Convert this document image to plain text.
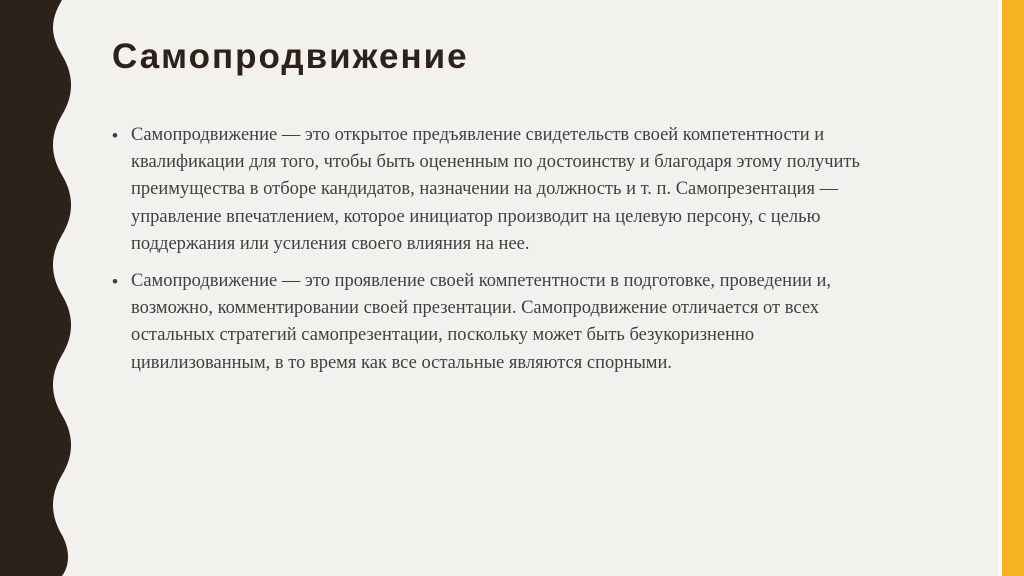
Самопродвижение
• Самопродвижение — это открытое предъявление свидетельств своей компетентности и квалификации для того, чтобы быть оцененным по достоинству и благодаря этому получить преимущества в отборе кандидатов, назначении на должность и т. п. Самопрезентация — управление впечатлением, которое инициатор производит на целевую персону, с целью поддержания или усиления своего влияния на нее.
• Самопродвижение — это проявление своей компетентности в подготовке, проведении и, возможно, комментировании своей презентации. Самопродвижение отличается от всех остальных стратегий самопрезентации, поскольку может быть безукоризненно цивилизованным, в то время как все остальные являются спорными.
